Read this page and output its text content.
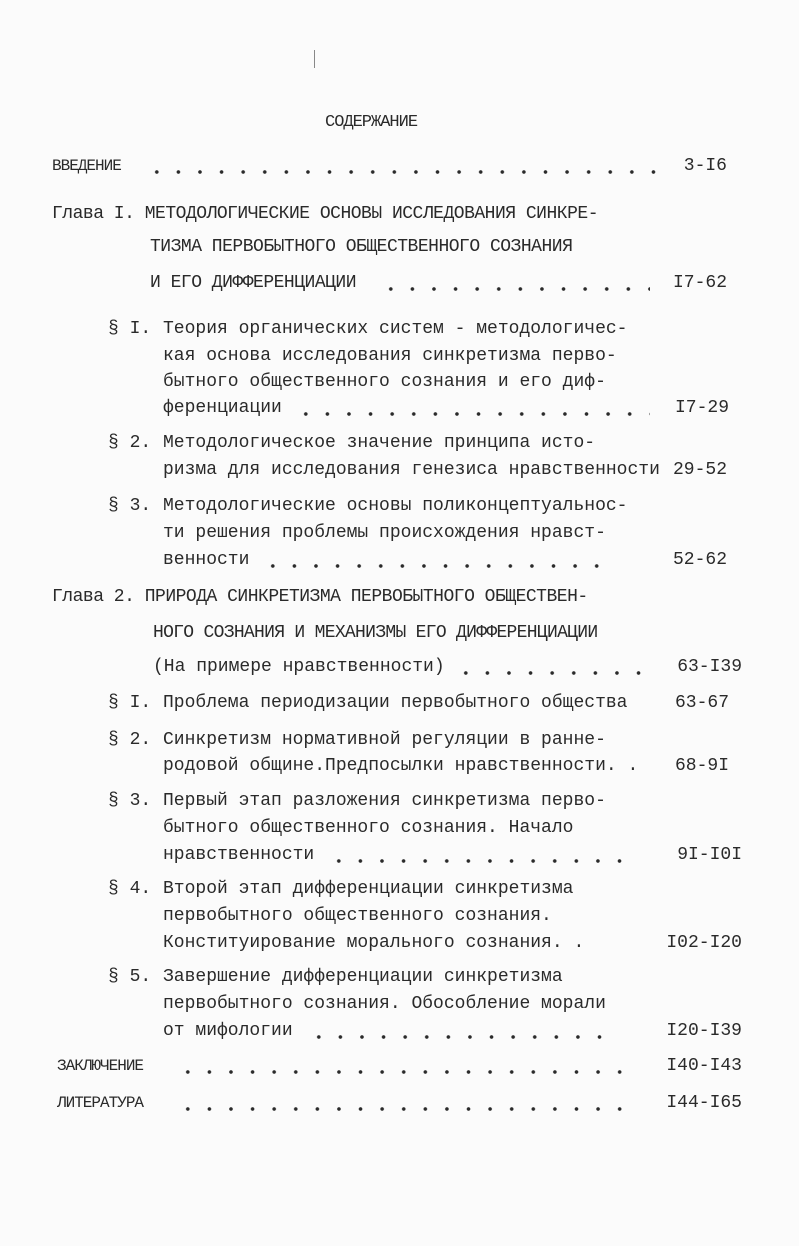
СОДЕРЖАНИЕ
ВВЕДЕНИЕ	3-I6
Глава I. МЕТОДОЛОГИЧЕСКИЕ ОСНОВЫ ИССЛЕДОВАНИЯ СИНКРЕ-
ТИЗМА ПЕРВОБЫТНОГО ОБЩЕСТВЕННОГО СОЗНАНИЯ
И ЕГО ДИФФЕРЕНЦИАЦИИ	I7-62
§ I. Теория органических систем - методологичес-
кая основа исследования синкретизма перво-
бытного общественного сознания и его диф-
ференциации	I7-29
§ 2. Методологическое значение принципа исто-
ризма для исследования генезиса нравственности 29-52
§ 3. Методологические основы поликонцептуальнос-
ти решения проблемы происхождения нравст-
венности	52-62
Глава 2. ПРИРОДА СИНКРЕТИЗМА ПЕРВОБЫТНОГО ОБЩЕСТВЕН-
НОГО СОЗНАНИЯ И МЕХАНИЗМЫ ЕГО ДИФФЕРЕНЦИАЦИИ
(На примере нравственности)	63-I39
§ I. Проблема периодизации первобытного общества	63-67
§ 2. Синкретизм нормативной регуляции в ранне-
родовой общине.Предпосылки нравственности. . 68-9I
§ 3. Первый этап разложения синкретизма перво-
бытного общественного сознания. Начало
нравственности	9I-I0I
§ 4. Второй этап дифференциации синкретизма
первобытного общественного сознания.
Конституирование морального сознания. .	I02-I20
§ 5. Завершение дифференциации синкретизма
первобытного сознания. Обособление морали
от мифологии	I20-I39
ЗАКЛЮЧЕНИЕ	I40-I43
ЛИТЕРАТУРА	I44-I65
